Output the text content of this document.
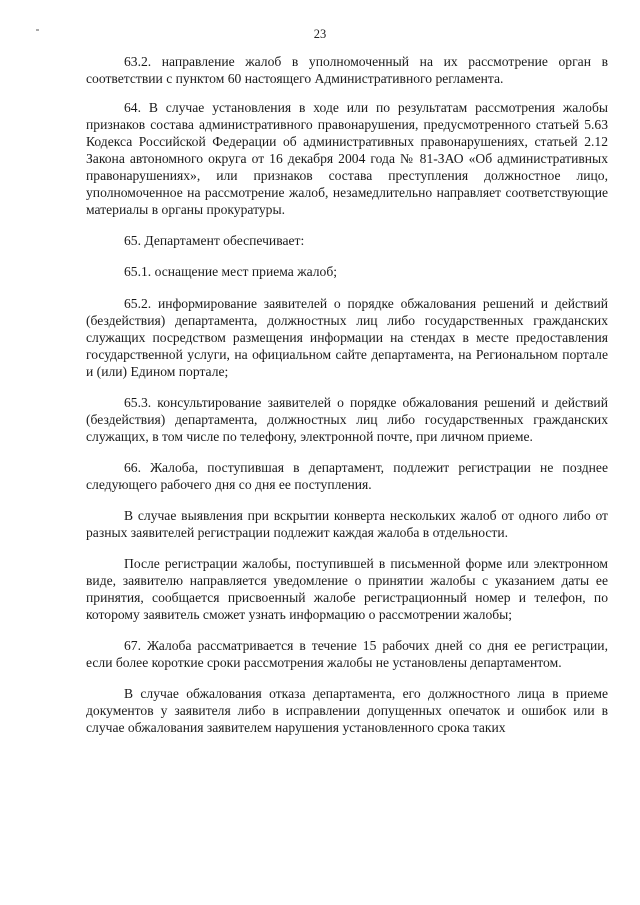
23

63.2. направление жалоб в уполномоченный на их рассмотрение орган в соответствии с пунктом 60 настоящего Административного регламента.

64. В случае установления в ходе или по результатам рассмотрения жалобы признаков состава административного правонарушения, предусмотренного статьей 5.63 Кодекса Российской Федерации об административных правонарушениях, статьей 2.12 Закона автономного округа от 16 декабря 2004 года № 81-ЗАО «Об административных правонарушениях», или признаков состава преступления должностное лицо, уполномоченное на рассмотрение жалоб, незамедлительно направляет соответствующие материалы в органы прокуратуры.

65. Департамент обеспечивает:

65.1. оснащение мест приема жалоб;

65.2. информирование заявителей о порядке обжалования решений и действий (бездействия) департамента, должностных лиц либо государственных гражданских служащих посредством размещения информации на стендах в месте предоставления государственной услуги, на официальном сайте департамента, на Региональном портале и (или) Едином портале;

65.3. консультирование заявителей о порядке обжалования решений и действий (бездействия) департамента, должностных лиц либо государственных гражданских служащих, в том числе по телефону, электронной почте, при личном приеме.

66. Жалоба, поступившая в департамент, подлежит регистрации не позднее следующего рабочего дня со дня ее поступления.

В случае выявления при вскрытии конверта нескольких жалоб от одного либо от разных заявителей регистрации подлежит каждая жалоба в отдельности.

После регистрации жалобы, поступившей в письменной форме или электронном виде, заявителю направляется уведомление о принятии жалобы с указанием даты ее принятия, сообщается присвоенный жалобе регистрационный номер и телефон, по которому заявитель сможет узнать информацию о рассмотрении жалобы;

67. Жалоба рассматривается в течение 15 рабочих дней со дня ее регистрации, если более короткие сроки рассмотрения жалобы не установлены департаментом.

В случае обжалования отказа департамента, его должностного лица в приеме документов у заявителя либо в исправлении допущенных опечаток и ошибок или в случае обжалования заявителем нарушения установленного срока таких
